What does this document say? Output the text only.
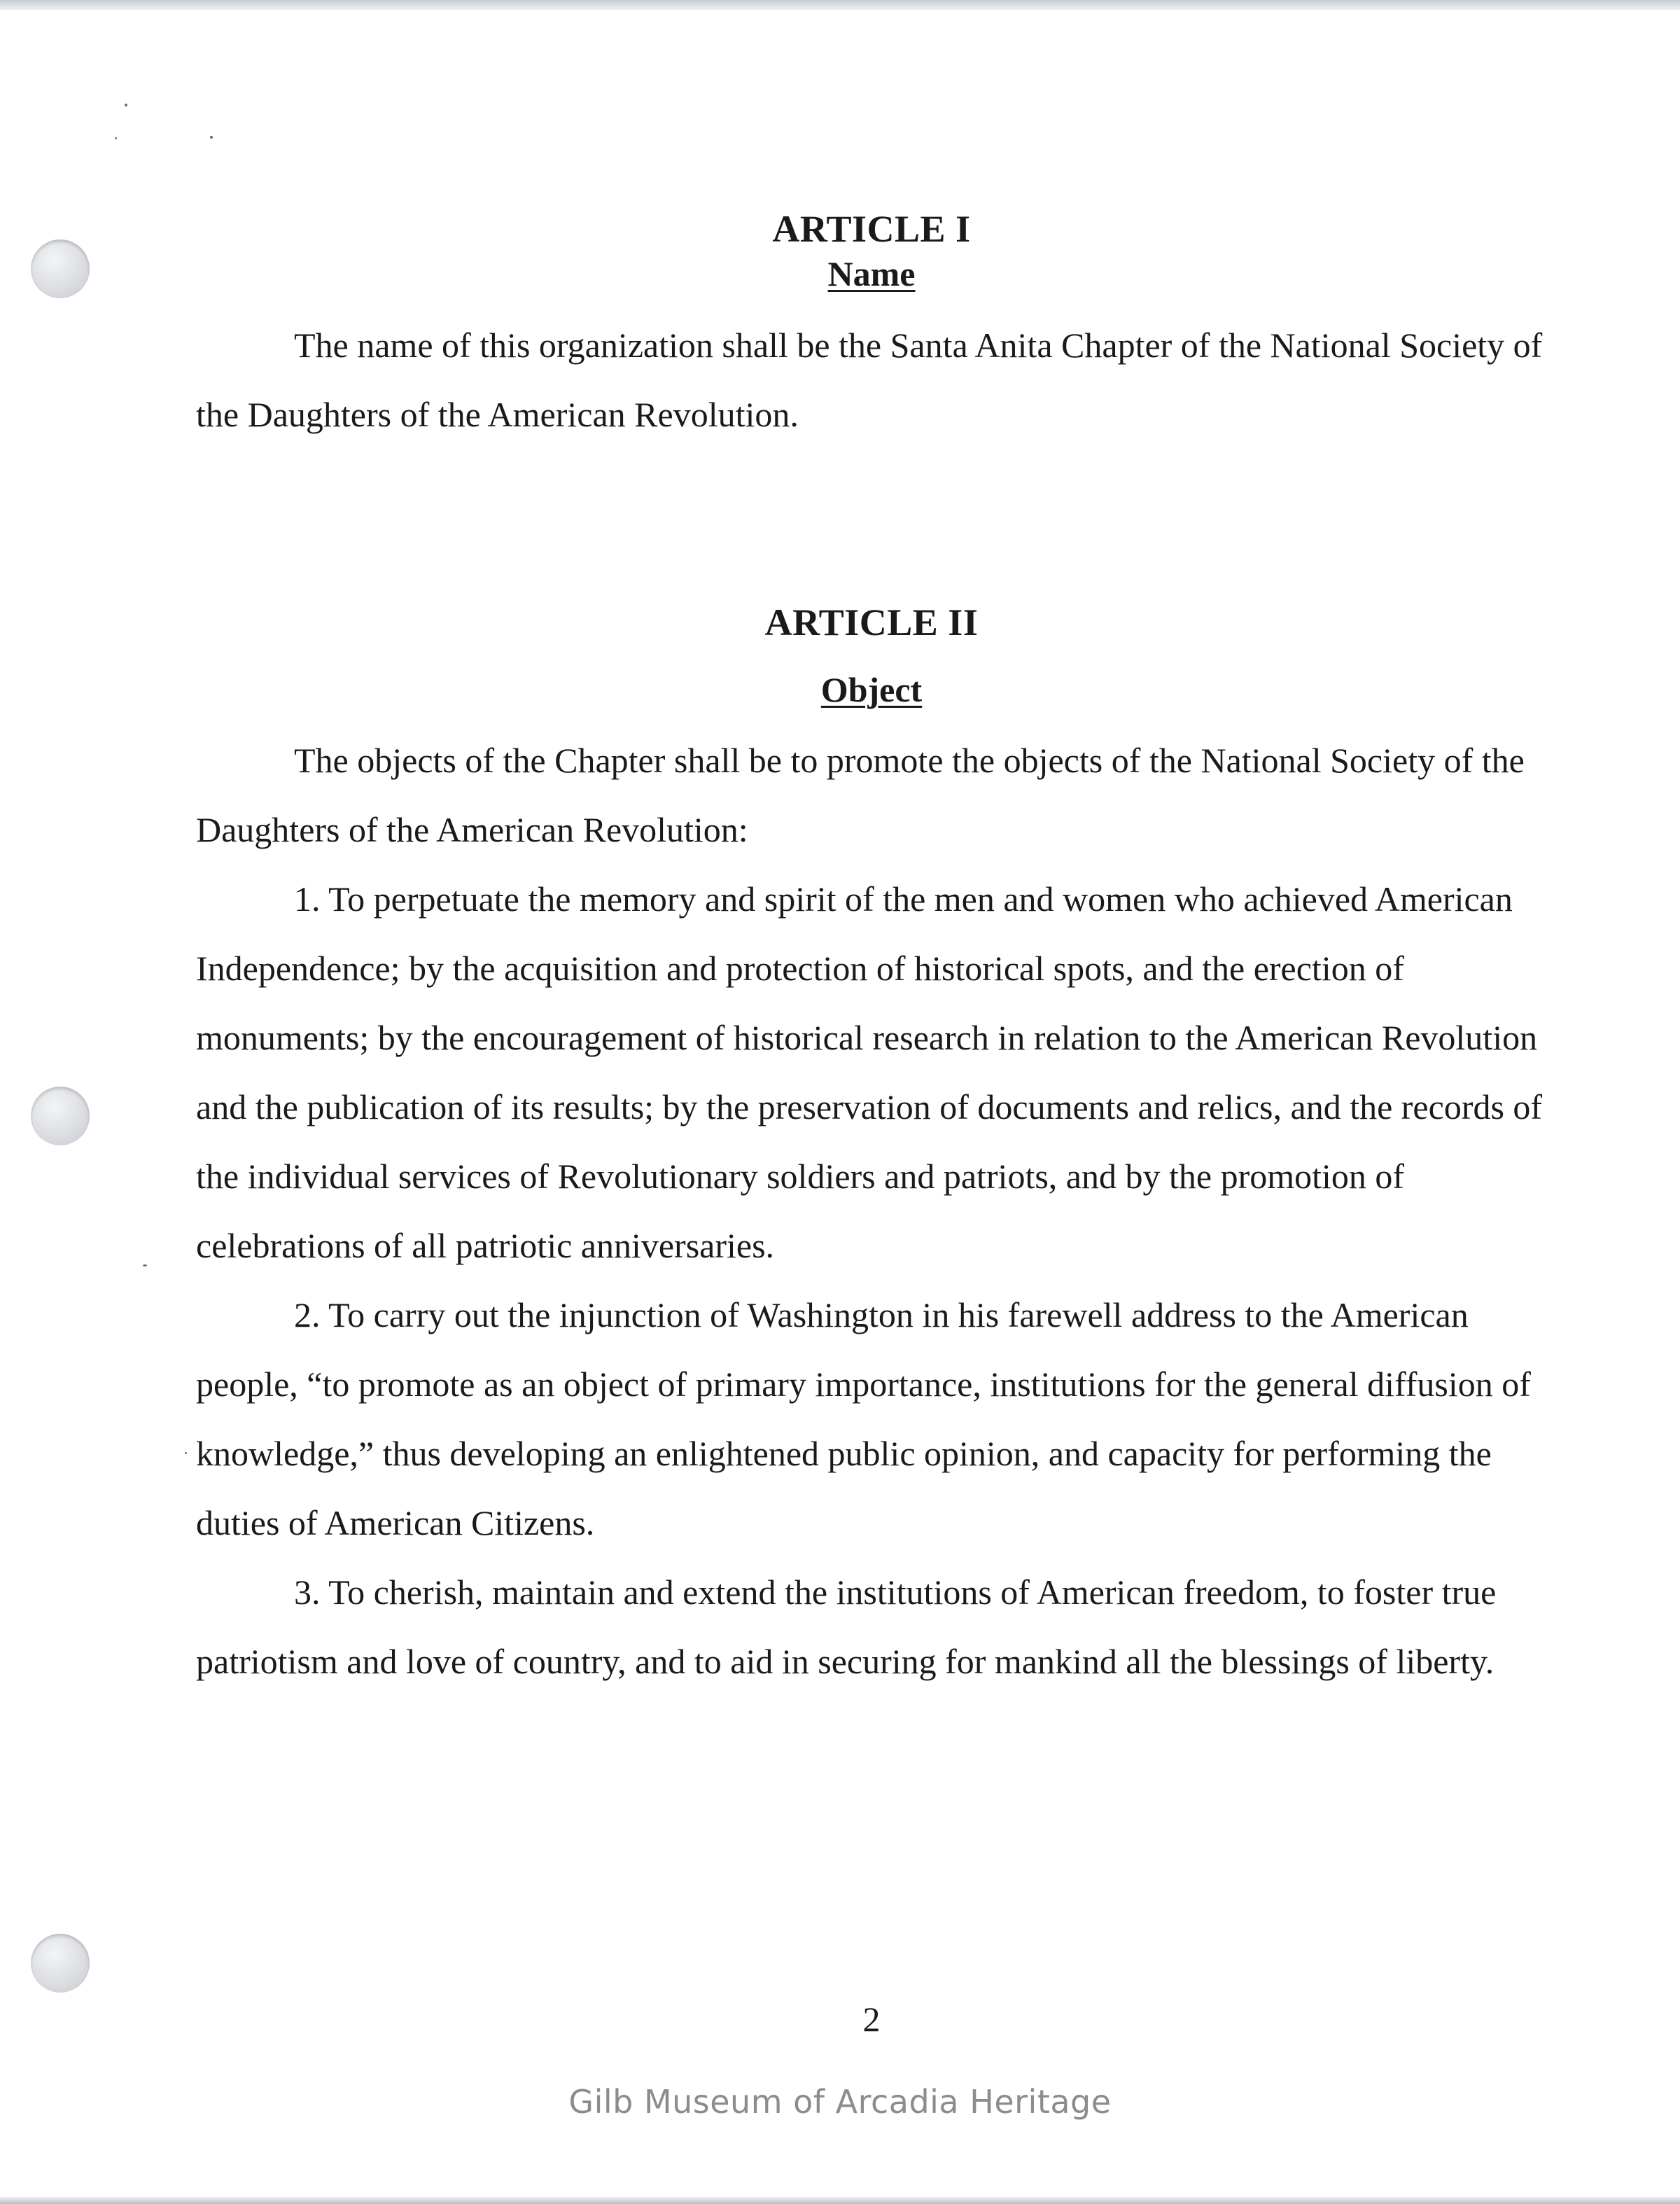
ARTICLE I
Name

The name of this organization shall be the Santa Anita Chapter of the National Society of the Daughters of the American Revolution.

ARTICLE II
Object

The objects of the Chapter shall be to promote the objects of the National Society of the Daughters of the American Revolution:

1. To perpetuate the memory and spirit of the men and women who achieved American Independence; by the acquisition and protection of historical spots, and the erection of monuments; by the encouragement of historical research in relation to the American Revolution and the publication of its results; by the preservation of documents and relics, and the records of the individual services of Revolutionary soldiers and patriots, and by the promotion of celebrations of all patriotic anniversaries.

2. To carry out the injunction of Washington in his farewell address to the American people, “to promote as an object of primary importance, institutions for the general diffusion of knowledge,” thus developing an enlightened public opinion, and capacity for performing the duties of American Citizens.

3. To cherish, maintain and extend the institutions of American freedom, to foster true patriotism and love of country, and to aid in securing for mankind all the blessings of liberty.

2
Gilb Museum of Arcadia Heritage
